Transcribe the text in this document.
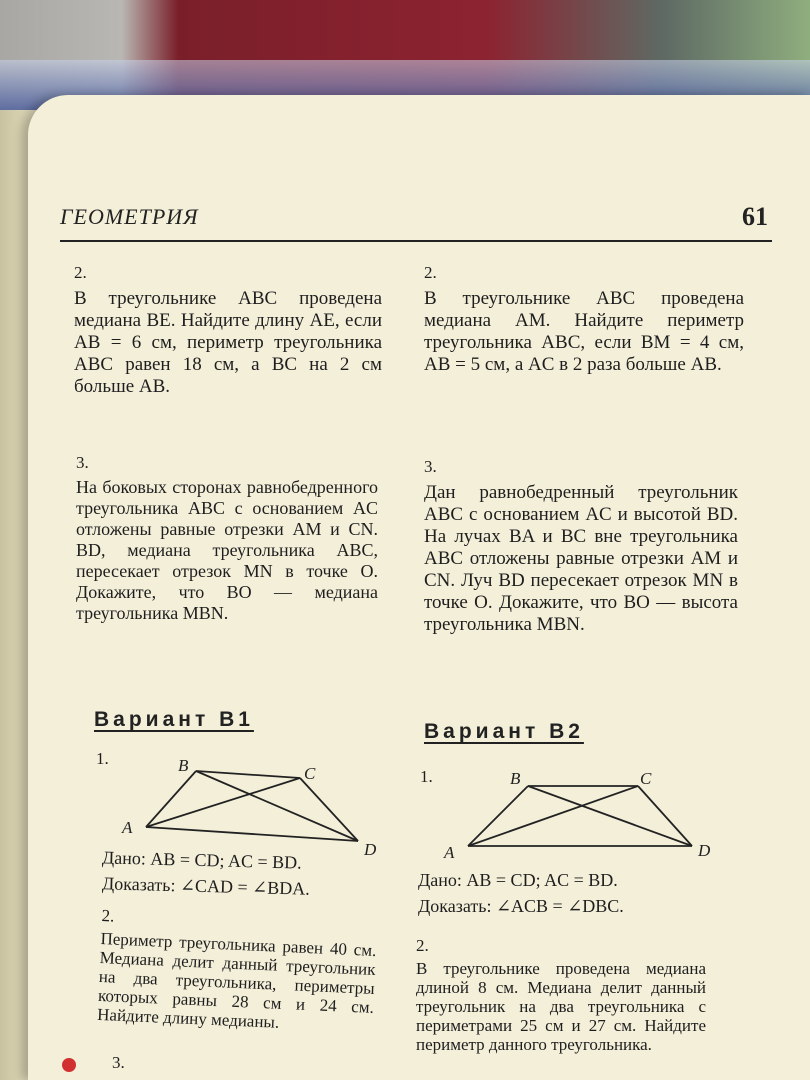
ГЕОМЕТРИЯ	61
2.
В треугольнике ABC проведена медиана BE. Найдите длину AE, если AB = 6 см, периметр треугольника ABC равен 18 см, а BC на 2 см больше AB.
3.
На боковых сторонах равнобедренного треугольника ABC с основанием AC отложены равные отрезки AM и CN. BD, медиана треугольника ABC, пересекает отрезок MN в точке O. Докажите, что BO — медиана треугольника MBN.
Вариант В1
1.	B	C
A
D
Дано: AB = CD; AC = BD.
Доказать: ∠CAD = ∠BDA.
2.
Периметр треугольника равен 40 см. Медиана делит данный треугольник на два треугольника, периметры которых равны 28 см и 24 см. Найдите длину медианы.
3.
2.
В треугольнике ABC проведена медиана AM. Найдите периметр треугольника ABC, если BM = 4 см, AB = 5 см, а AC в 2 раза больше AB.
3.
Дан равнобедренный треугольник ABC с основанием AC и высотой BD. На лучах BA и BC вне треугольника ABC отложены равные отрезки AM и CN. Луч BD пересекает отрезок MN в точке O. Докажите, что BO — высота треугольника MBN.
Вариант В2
1.	B	C
A	D
Дано: AB = CD; AC = BD.
Доказать: ∠ACB = ∠DBC.
2.
В треугольнике проведена медиана длиной 8 см. Медиана делит данный треугольник на два треугольника с периметрами 25 см и 27 см. Найдите периметр данного треугольника.
